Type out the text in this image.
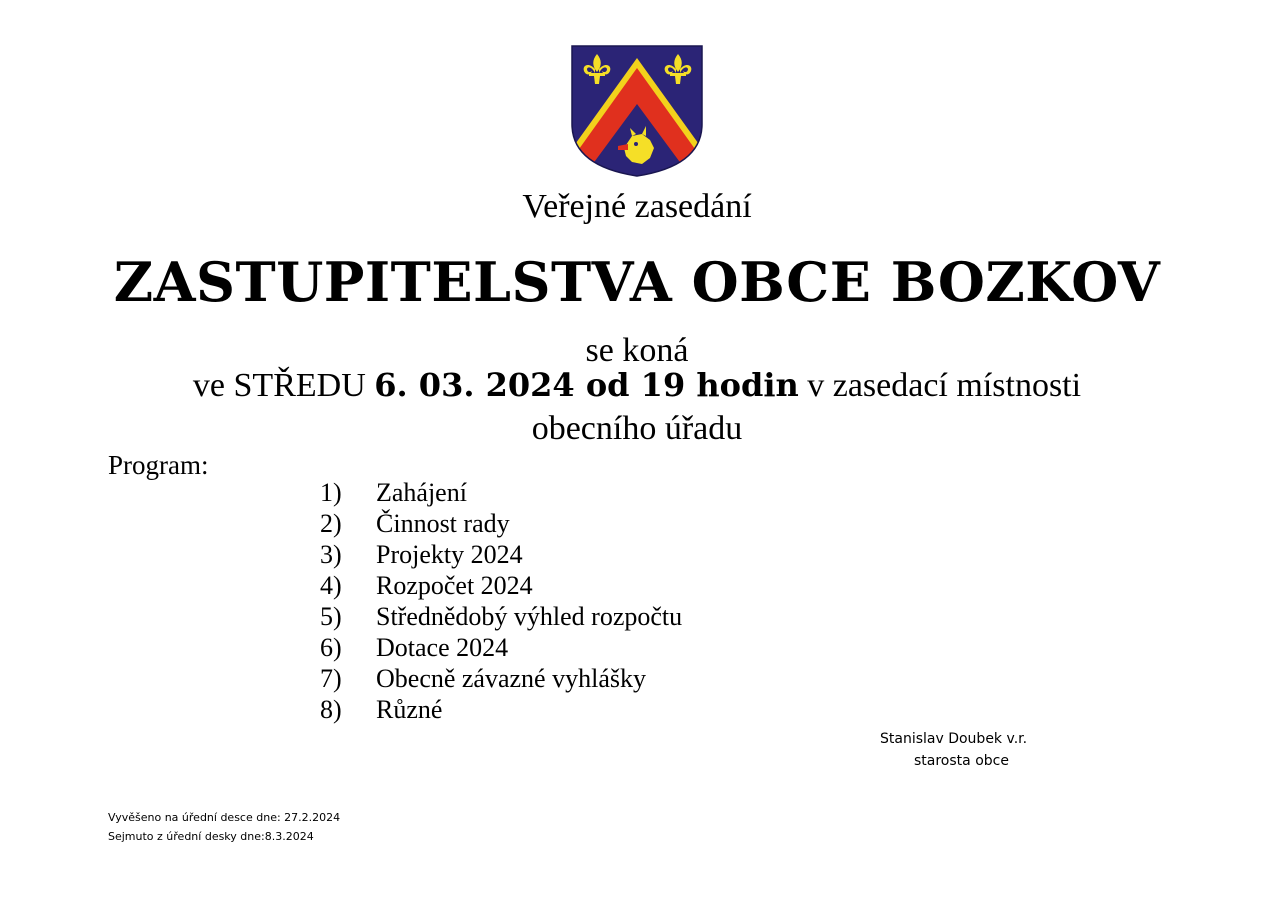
Veřejné zasedání
ZASTUPITELSTVA OBCE BOZKOV
se koná
ve STŘEDU 6. 03. 2024 od 19 hodin v zasedací místnosti
obecního úřadu
Program:
1) Zahájení
2) Činnost rady
3) Projekty 2024
4) Rozpočet 2024
5) Střednědobý výhled rozpočtu
6) Dotace 2024
7) Obecně závazné vyhlášky
8) Různé
Stanislav Doubek v.r.
starosta obce
Vyvěšeno na úřední desce dne: 27.2.2024
Sejmuto z úřední desky dne:8.3.2024
